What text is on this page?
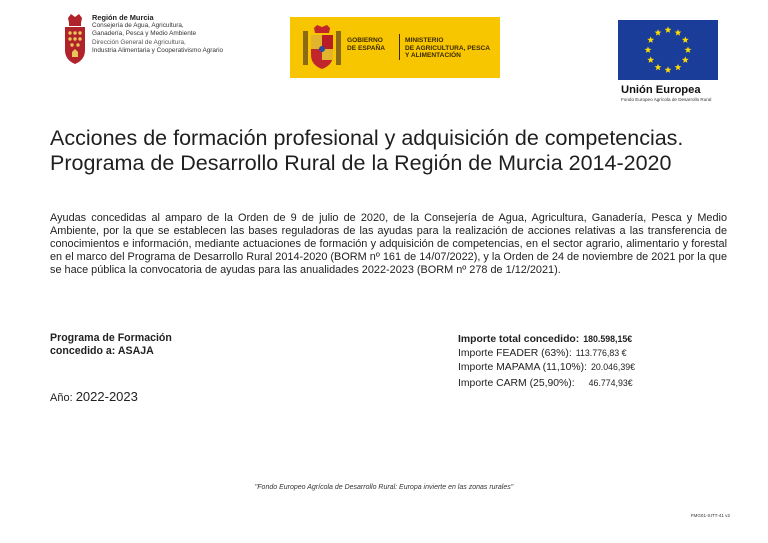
Región de Murcia
Consejería de Agua, Agricultura,
Ganadería, Pesca y Medio Ambiente
Dirección General de Agricultura,
Industria Alimentaria y Cooperativismo Agrario
GOBIERNO
DE ESPAÑA
MINISTERIO
DE AGRICULTURA, PESCA
Y ALIMENTACIÓN
Unión Europea
Fondo Europeo Agrícola de Desarrollo Rural
Acciones de formación profesional y adquisición de competencias.
Programa de Desarrollo Rural de la Región de Murcia 2014-2020
Ayudas concedidas al amparo de la Orden de 9 de julio de 2020, de la Consejería de Agua, Agricultura, Ganadería, Pesca y Medio Ambiente, por la que se establecen las bases reguladoras de las ayudas para la realización de acciones relativas a las transferencia de conocimientos e información, mediante actuaciones de formación y adquisición de competencias, en el sector agrario, alimentario y forestal en el marco del Programa de Desarrollo Rural 2014-2020 (BORM nº 161 de 14/07/2022), y la Orden de 24 de noviembre de 2021 por la que se hace pública la convocatoria de ayudas para las anualidades 2022-2023 (BORM nº 278 de 1/12/2021).
Programa de Formación
concedido a: ASAJA
Año: 2022-2023
Importe total concedido: 180.598,15€
Importe FEADER (63%): 113.776,83 €
Importe MAPAMA (11,10%): 20.046,39€
Importe CARM (25,90%): 46.774,93€
"Fondo Europeo Agrícola de Desarrollo Rural: Europa invierte en las zonas rurales"
FMG01-SITT-41 v2
